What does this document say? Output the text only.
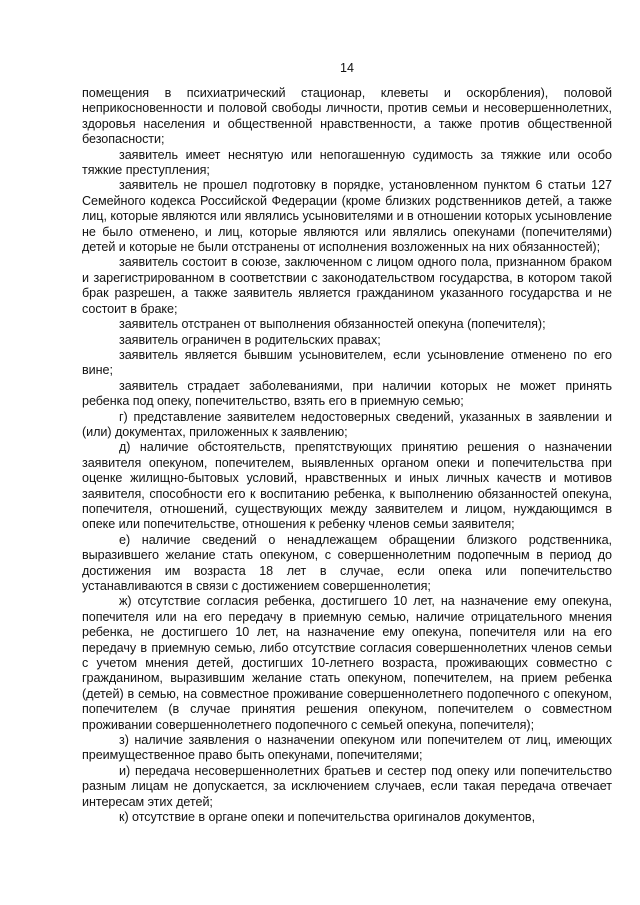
14

помещения в психиатрический стационар, клеветы и оскорбления), половой неприкосновенности и половой свободы личности, против семьи и несовершеннолетних, здоровья населения и общественной нравственности, а также против общественной безопасности;

заявитель имеет неснятую или непогашенную судимость за тяжкие или особо тяжкие преступления;

заявитель не прошел подготовку в порядке, установленном пунктом 6 статьи 127 Семейного кодекса Российской Федерации (кроме близких родственников детей, а также лиц, которые являются или являлись усыновителями и в отношении которых усыновление не было отменено, и лиц, которые являются или являлись опекунами (попечителями) детей и которые не были отстранены от исполнения возложенных на них обязанностей);

заявитель состоит в союзе, заключенном с лицом одного пола, признанном браком и зарегистрированном в соответствии с законодательством государства, в котором такой брак разрешен, а также заявитель является гражданином указанного государства и не состоит в браке;

заявитель отстранен от выполнения обязанностей опекуна (попечителя);

заявитель ограничен в родительских правах;

заявитель является бывшим усыновителем, если усыновление отменено по его вине;

заявитель страдает заболеваниями, при наличии которых не может принять ребенка под опеку, попечительство, взять его в приемную семью;

г) представление заявителем недостоверных сведений, указанных в заявлении и (или) документах, приложенных к заявлению;

д) наличие обстоятельств, препятствующих принятию решения о назначении заявителя опекуном, попечителем, выявленных органом опеки и попечительства при оценке жилищно-бытовых условий, нравственных и иных личных качеств и мотивов заявителя, способности его к воспитанию ребенка, к выполнению обязанностей опекуна, попечителя, отношений, существующих между заявителем и лицом, нуждающимся в опеке или попечительстве, отношения к ребенку членов семьи заявителя;

е) наличие сведений о ненадлежащем обращении близкого родственника, выразившего желание стать опекуном, с совершеннолетним подопечным в период до достижения им возраста 18 лет в случае, если опека или попечительство устанавливаются в связи с достижением совершеннолетия;

ж) отсутствие согласия ребенка, достигшего 10 лет, на назначение ему опекуна, попечителя или на его передачу в приемную семью, наличие отрицательного мнения ребенка, не достигшего 10 лет, на назначение ему опекуна, попечителя или на его передачу в приемную семью, либо отсутствие согласия совершеннолетних членов семьи с учетом мнения детей, достигших 10-летнего возраста, проживающих совместно с гражданином, выразившим желание стать опекуном, попечителем, на прием ребенка (детей) в семью, на совместное проживание совершеннолетнего подопечного с опекуном, попечителем (в случае принятия решения опекуном, попечителем о совместном проживании совершеннолетнего подопечного с семьей опекуна, попечителя);

з) наличие заявления о назначении опекуном или попечителем от лиц, имеющих преимущественное право быть опекунами, попечителями;

и) передача несовершеннолетних братьев и сестер под опеку или попечительство разным лицам не допускается, за исключением случаев, если такая передача отвечает интересам этих детей;

к) отсутствие в органе опеки и попечительства оригиналов документов,
